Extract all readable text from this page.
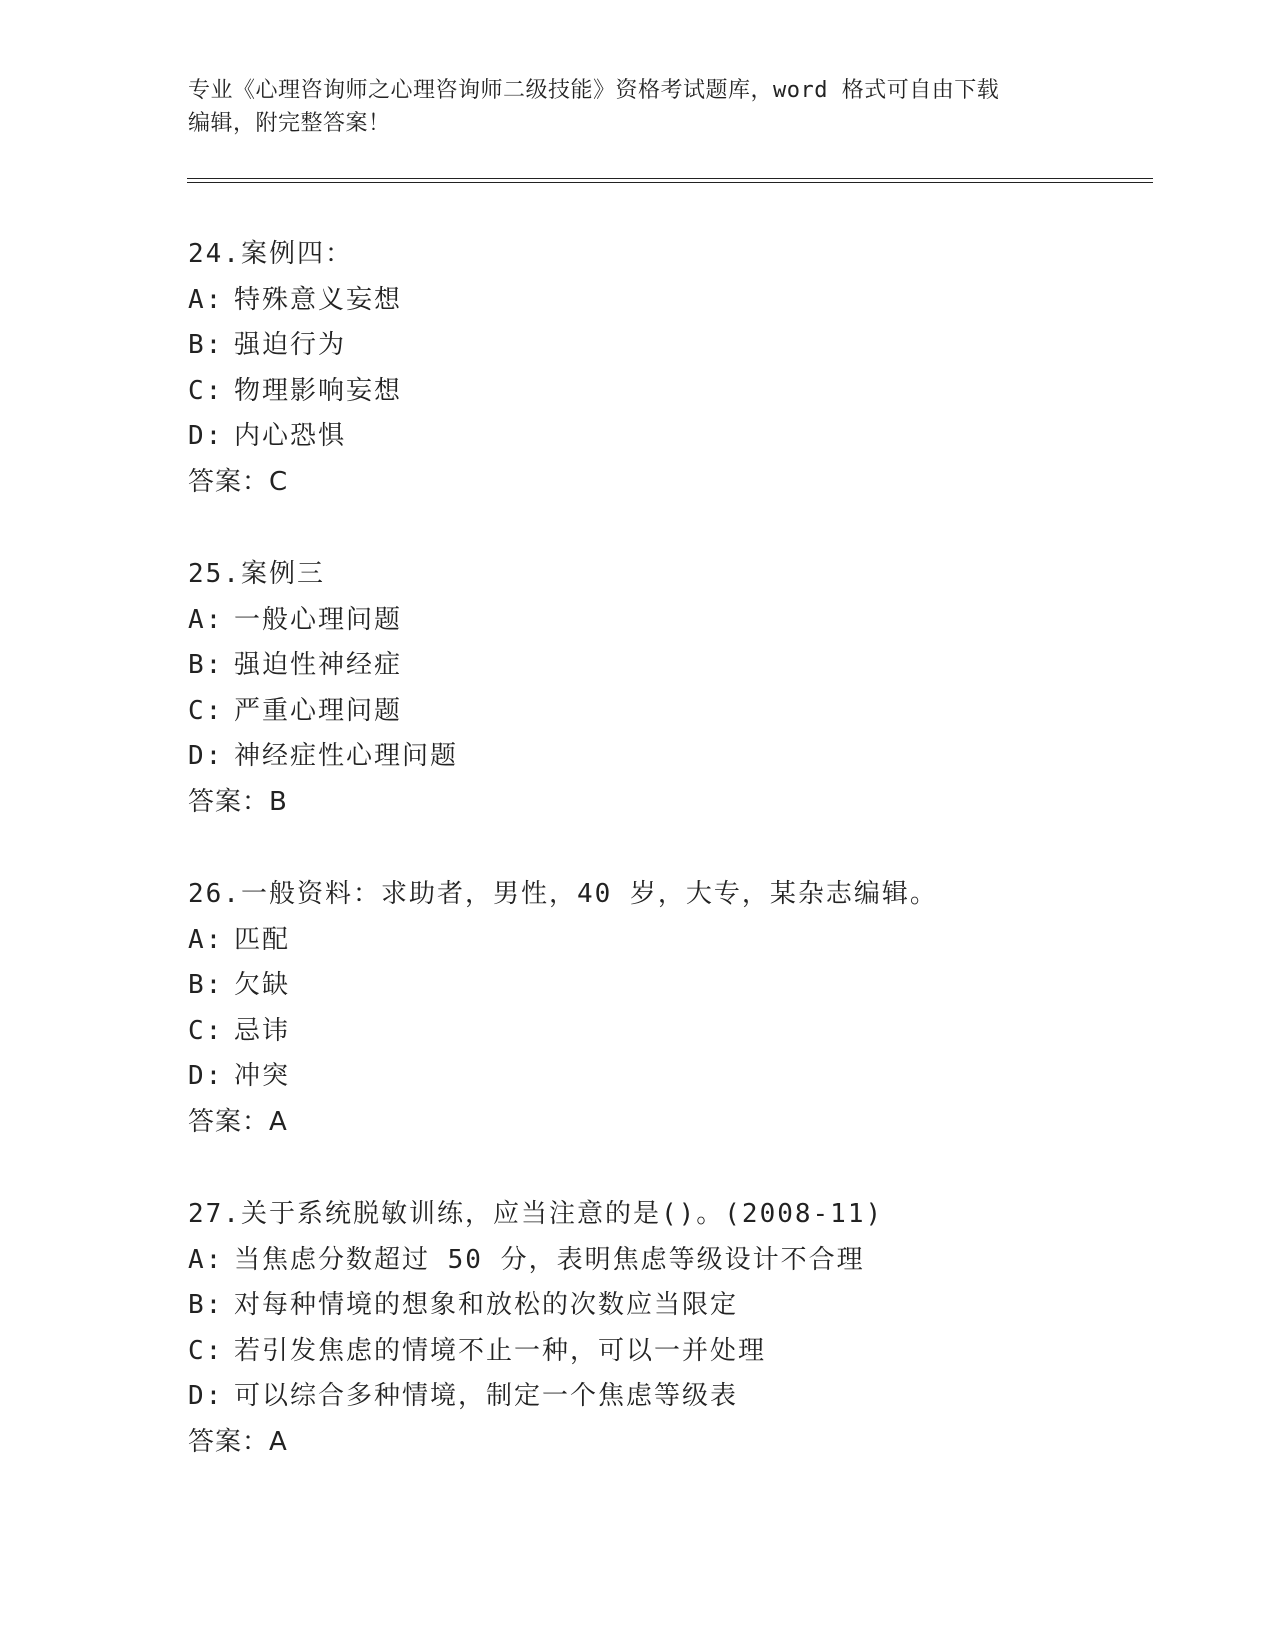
专业《心理咨询师之心理咨询师二级技能》资格考试题库，word 格式可自由下载
编辑，附完整答案！
24.案例四：
A: 特殊意义妄想
B: 强迫行为
C: 物理影响妄想
D: 内心恐惧
答案：C
25.案例三
A: 一般心理问题
B: 强迫性神经症
C: 严重心理问题
D: 神经症性心理问题
答案：B
26.一般资料：求助者，男性，40 岁，大专，某杂志编辑。
A: 匹配
B: 欠缺
C: 忌讳
D: 冲突
答案：A
27.关于系统脱敏训练，应当注意的是()。(2008-11)
A: 当焦虑分数超过 50 分，表明焦虑等级设计不合理
B: 对每种情境的想象和放松的次数应当限定
C: 若引发焦虑的情境不止一种，可以一并处理
D: 可以综合多种情境，制定一个焦虑等级表
答案：A
